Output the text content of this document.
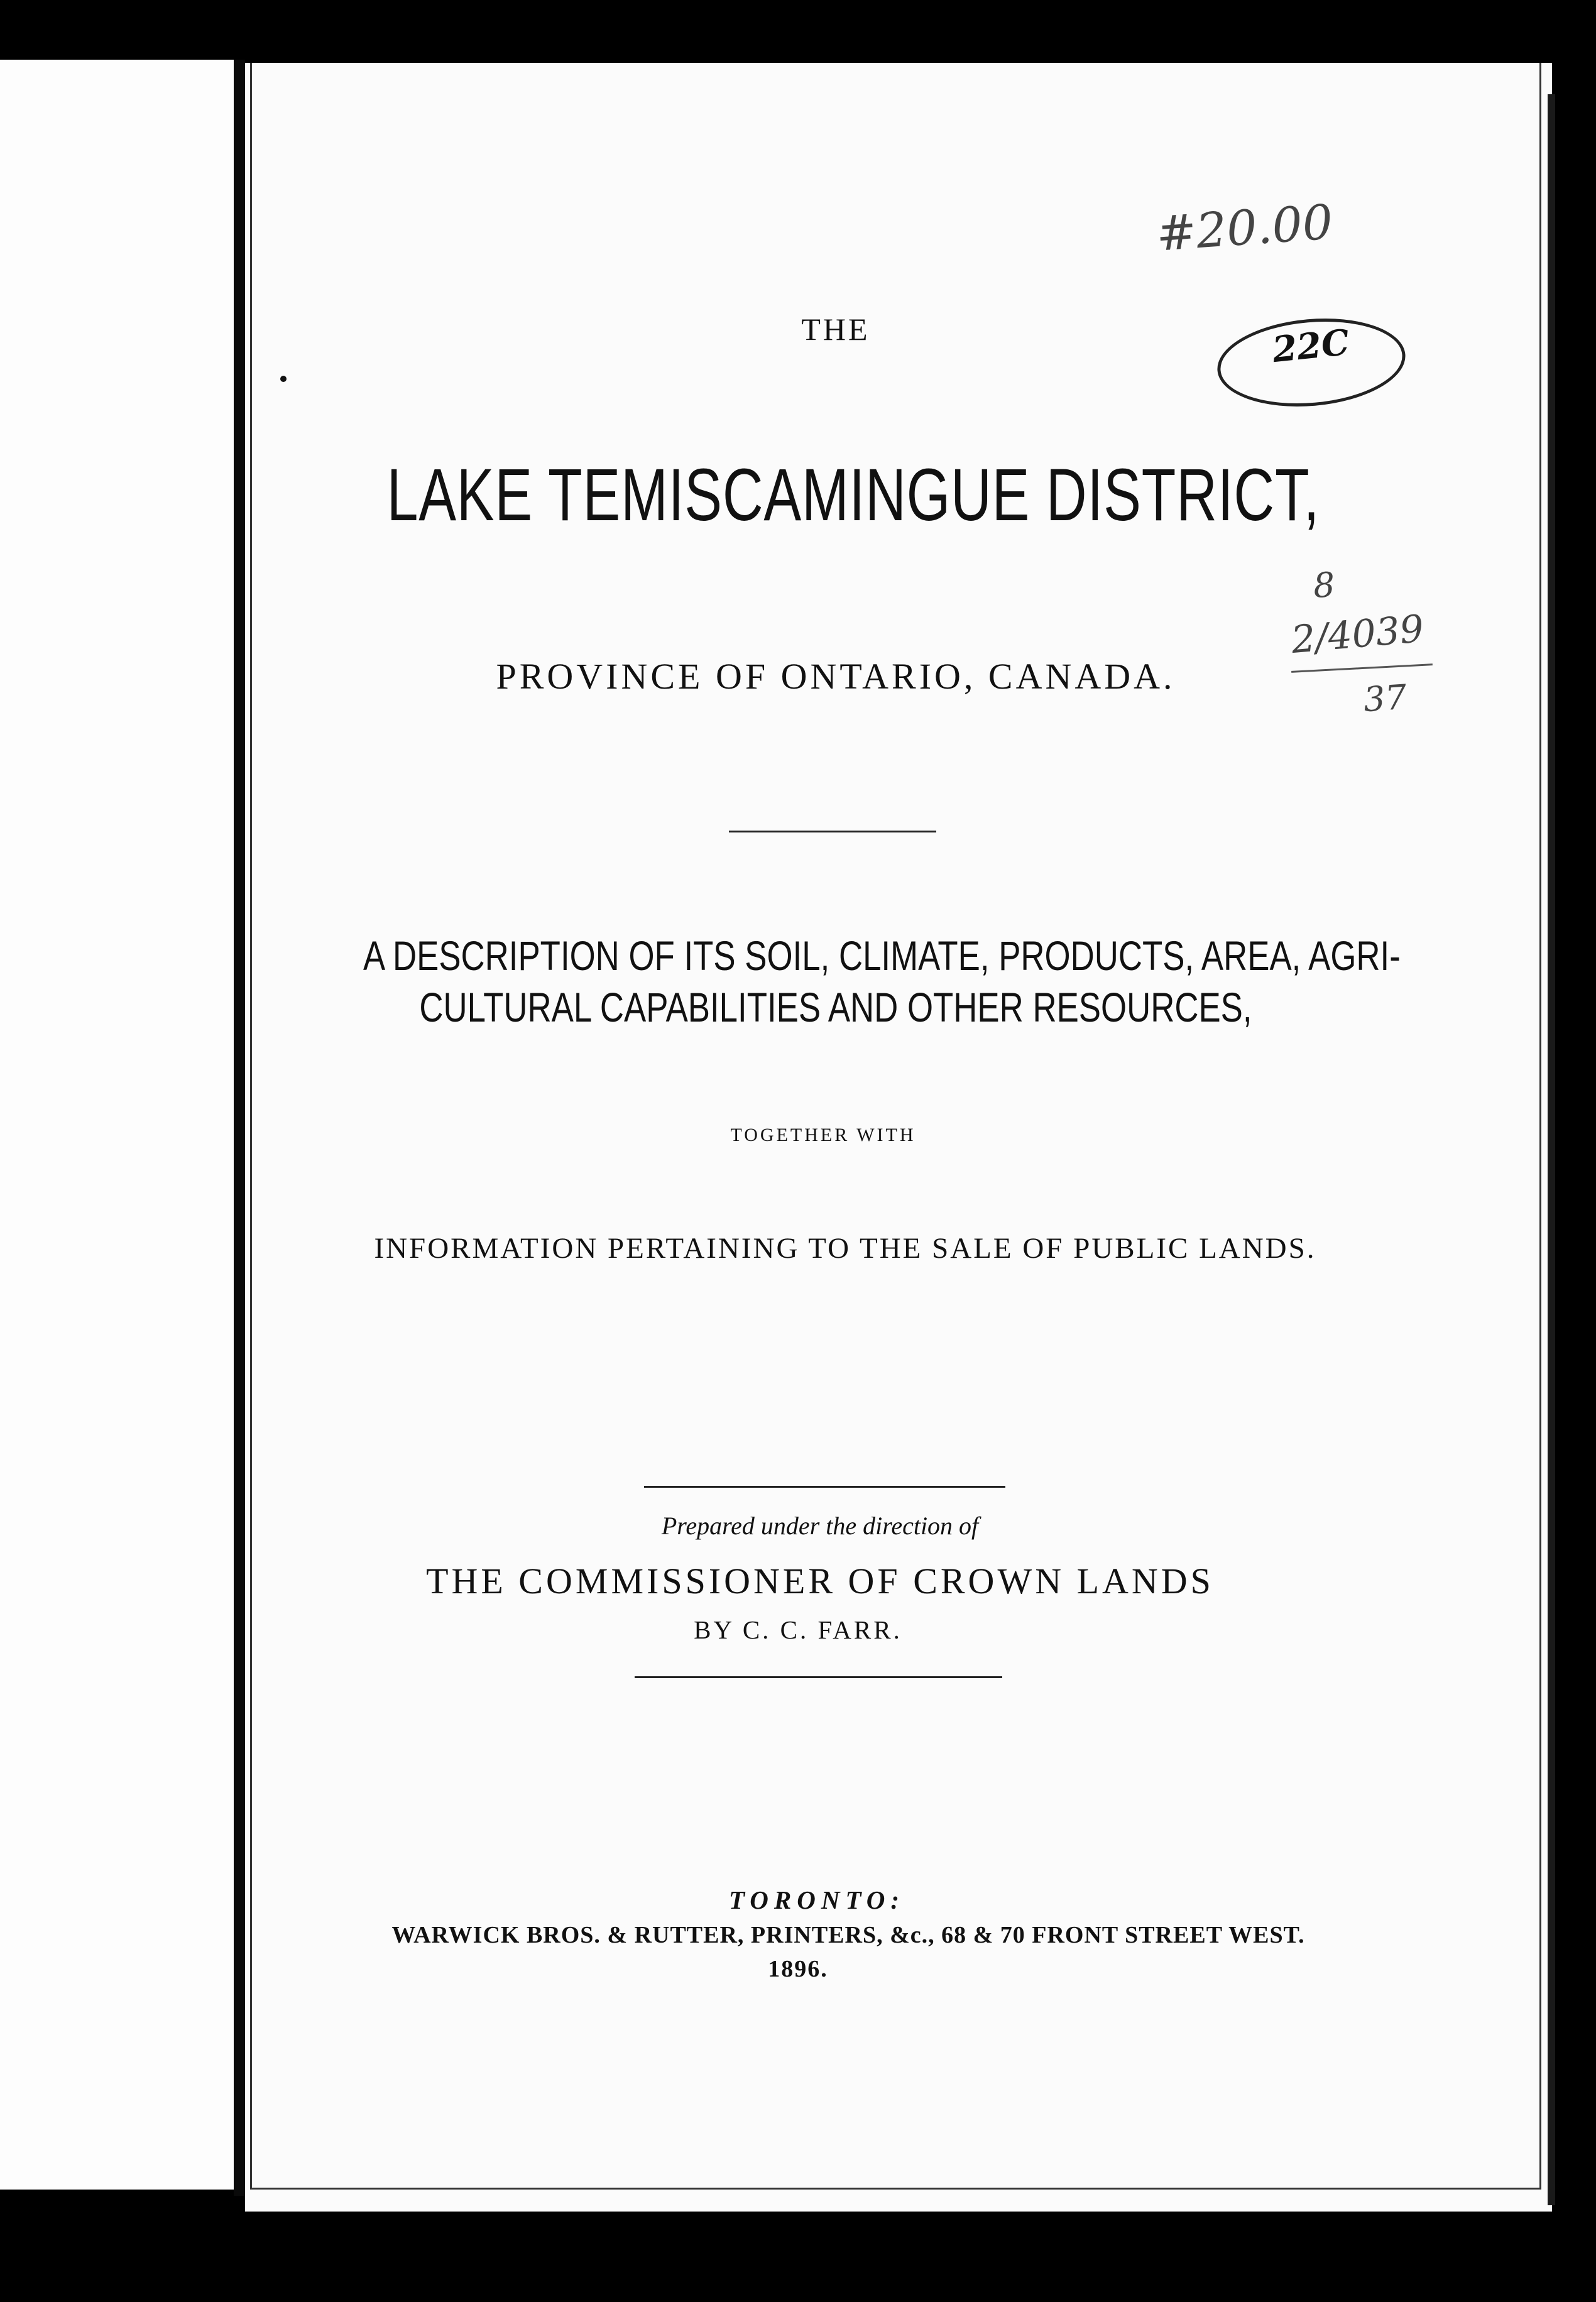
THE
LAKE TEMISCAMINGUE DISTRICT,
PROVINCE OF ONTARIO, CANADA.
A DESCRIPTION OF ITS SOIL, CLIMATE, PRODUCTS, AREA, AGRI-
CULTURAL CAPABILITIES AND OTHER RESOURCES,
TOGETHER WITH
INFORMATION PERTAINING TO THE SALE OF PUBLIC LANDS.
Prepared under the direction of
THE COMMISSIONER OF CROWN LANDS
BY C. C. FARR.
TORONTO:
WARWICK BROS. & RUTTER, PRINTERS, &c., 68 & 70 FRONT STREET WEST.
1896.
#20.00
22C
8
2/4039
37
